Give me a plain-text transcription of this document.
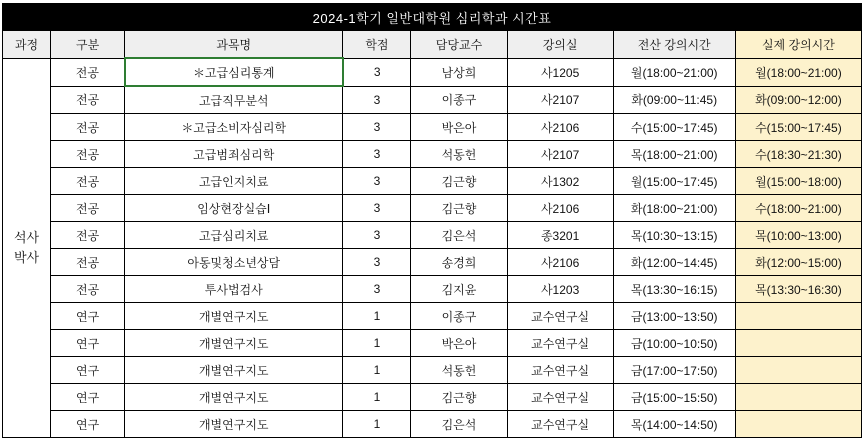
2024-1학기 일반대학원 심리학과 시간표							
과정	구분	과목명	학점	담당교수	강의실	전산 강의시간	실제 강의시간

석사
박사	전공	＊고급심리통계	3	남상희	사1205	월(18:00~21:00)	월(18:00~21:00)
	전공	고급직무분석	3	이종구	사2107	화(09:00~11:45)	화(09:00~12:00)
	전공	＊고급소비자심리학	3	박은아	사2106	수(15:00~17:45)	수(15:00~17:45)
	전공	고급범죄심리학	3	석동헌	사2107	목(18:00~21:00)	수(18:30~21:30)
	전공	고급인지치료	3	김근향	사1302	월(15:00~17:45)	월(15:00~18:00)
	전공	임상현장실습Ⅰ	3	김근향	사2106	화(18:00~21:00)	수(18:00~21:00)
	전공	고급심리치료	3	김은석	종3201	목(10:30~13:15)	목(10:00~13:00)
	전공	아동및청소년상담	3	송경희	사2106	화(12:00~14:45)	화(12:00~15:00)
	전공	투사법검사	3	김지윤	사1203	목(13:30~16:15)	목(13:30~16:30)
	연구	개별연구지도	1	이종구	교수연구실	금(13:00~13:50)	
	연구	개별연구지도	1	박은아	교수연구실	금(10:00~10:50)	
	연구	개별연구지도	1	석동헌	교수연구실	금(17:00~17:50)	
	연구	개별연구지도	1	김근향	교수연구실	금(15:00~15:50)	
	연구	개별연구지도	1	김은석	교수연구실	목(14:00~14:50)	
